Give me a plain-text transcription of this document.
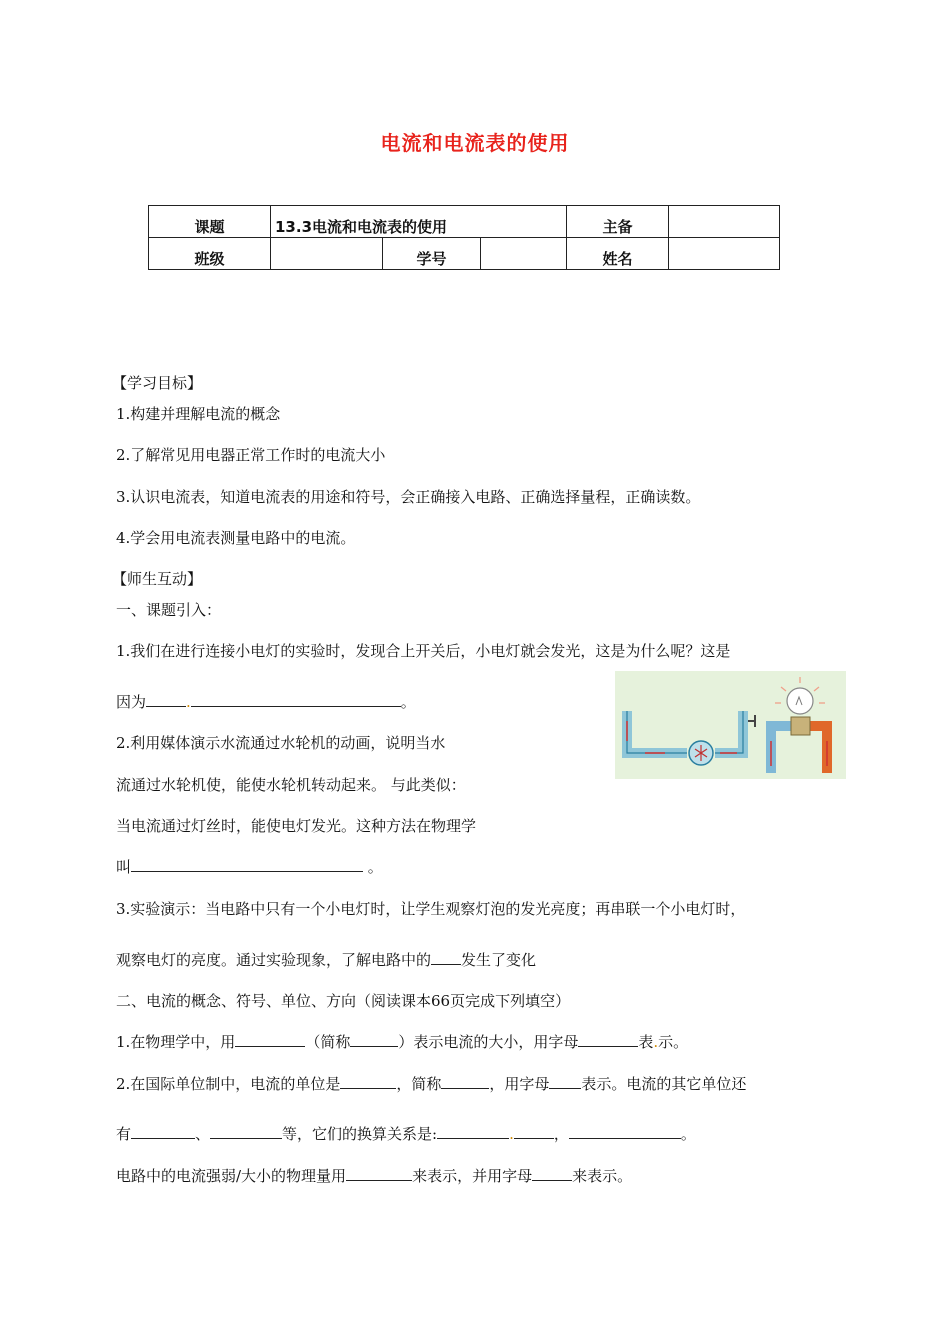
电流和电流表的使用
课题	13.3电流和电流表的使用			主备	
班级		学号		姓名	
【学习目标】
1.构建并理解电流的概念
2.了解常见用电器正常工作时的电流大小
3.认识电流表，知道电流表的用途和符号，会正确接入电路、正确选择量程，正确读数。
4.学会用电流表测量电路中的电流。
【师生互动】
一、课题引入：
1.我们在进行连接小电灯的实验时，发现合上开关后，小电灯就会发光，这是为什么呢？这是
因为	.	。
2.利用媒体演示水流通过水轮机的动画，说明当水
流通过水轮机使，能使水轮机转动起来。 与此类似：
当电流通过灯丝时，能使电灯发光。这种方法在物理学
叫	。
3.实验演示：当电路中只有一个小电灯时，让学生观察灯泡的发光亮度；再串联一个小电灯时，
观察电灯的亮度。通过实验现象，了解电路中的 发生了变化
二、电流的概念、符号、单位、方向（阅读课本66页完成下列填空）
1.在物理学中，用	（简称	）表示电流的大小，用字母	表.示。
2.在国际单位制中，电流的单位是	，简称	，用字母 表示。电流的其它单位还
有	、	等，它们的换算关系是:	.	，	。
电路中的电流强弱/大小的物理量用	来表示，并用字母	来表示。
